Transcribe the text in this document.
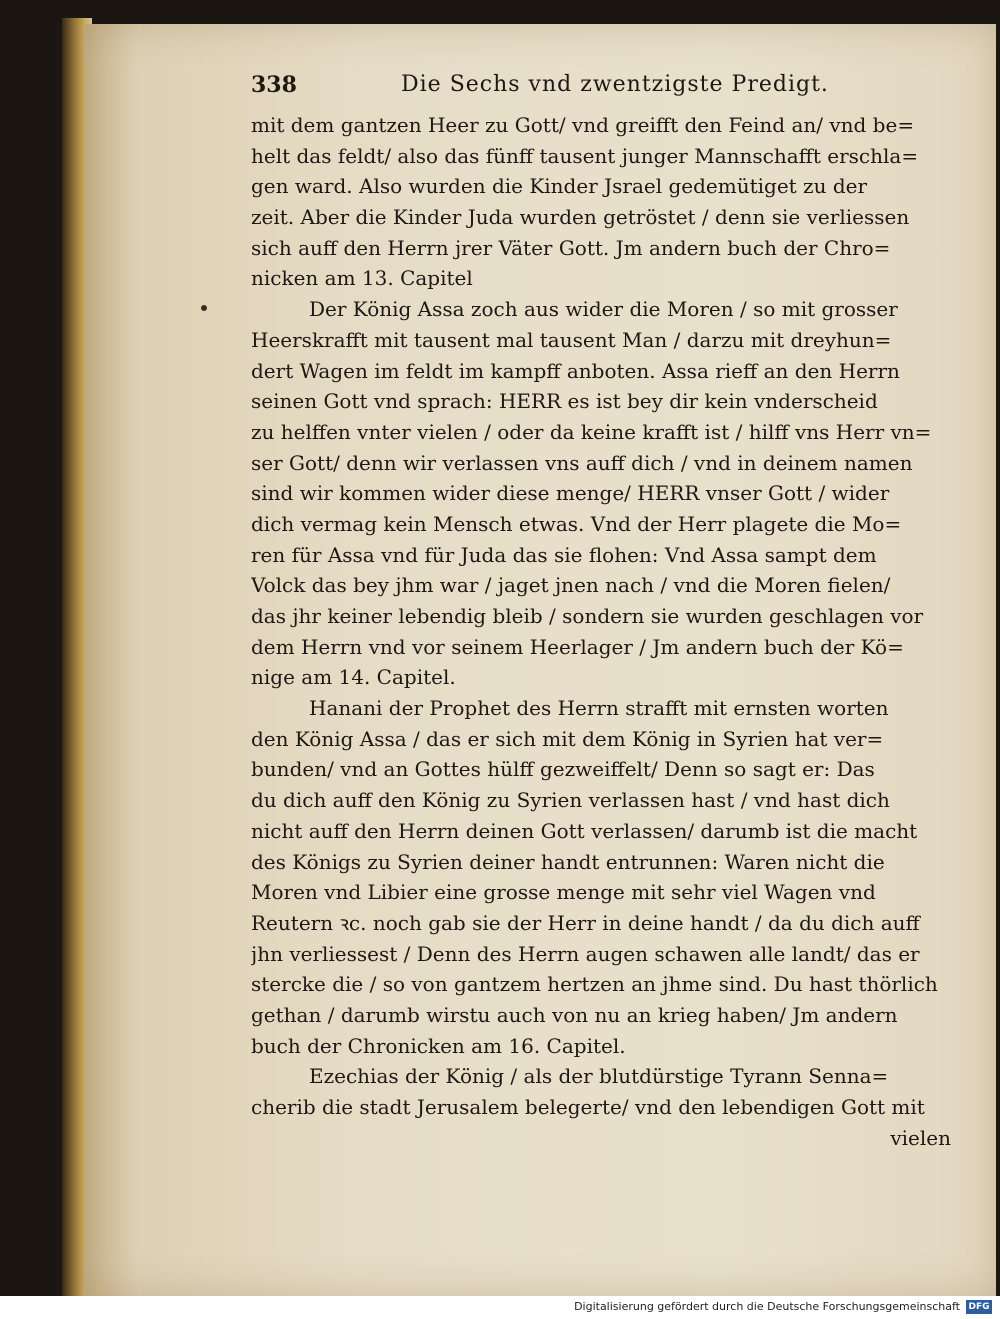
338	Die Sechs vnd zwentzigste Predigt.
mit dem gantzen Heer zu Gott/ vnd greifft den Feind an/ vnd be=
helt das feldt/ also das fünff tausent junger Mannschafft erschla=
gen ward. Also wurden die Kinder Jsrael gedemütiget zu der
zeit. Aber die Kinder Juda wurden getröstet / denn sie verliessen
sich auff den Herrn jrer Väter Gott. Jm andern buch der Chro=
nicken am 13. Capitel
Der König Assa zoch aus wider die Moren / so mit grosser
Heerskrafft mit tausent mal tausent Man / darzu mit dreyhun=
dert Wagen im feldt im kampff anboten. Assa rieff an den Herrn
seinen Gott vnd sprach: HERR es ist bey dir kein vnderscheid
zu helffen vnter vielen / oder da keine krafft ist / hilff vns Herr vn=
ser Gott/ denn wir verlassen vns auff dich / vnd in deinem namen
sind wir kommen wider diese menge/ HERR vnser Gott / wider
dich vermag kein Mensch etwas. Vnd der Herr plagete die Mo=
ren für Assa vnd für Juda das sie flohen: Vnd Assa sampt dem
Volck das bey jhm war / jaget jnen nach / vnd die Moren fielen/
das jhr keiner lebendig bleib / sondern sie wurden geschlagen vor
dem Herrn vnd vor seinem Heerlager / Jm andern buch der Kö=
nige am 14. Capitel.
Hanani der Prophet des Herrn strafft mit ernsten worten
den König Assa / das er sich mit dem König in Syrien hat ver=
bunden/ vnd an Gottes hülff gezweiffelt/ Denn so sagt er: Das
du dich auff den König zu Syrien verlassen hast / vnd hast dich
nicht auff den Herrn deinen Gott verlassen/ darumb ist die macht
des Königs zu Syrien deiner handt entrunnen: Waren nicht die
Moren vnd Libier eine grosse menge mit sehr viel Wagen vnd
Reutern ꝛc. noch gab sie der Herr in deine handt / da du dich auff
jhn verliessest / Denn des Herrn augen schawen alle landt/ das er
stercke die / so von gantzem hertzen an jhme sind. Du hast thörlich
gethan / darumb wirstu auch von nu an krieg haben/ Jm andern
buch der Chronicken am 16. Capitel.
Ezechias der König / als der blutdürstige Tyrann Senna=
cherib die stadt Jerusalem belegerte/ vnd den lebendigen Gott mit
vielen
Digitalisierung gefördert durch die Deutsche Forschungsgemeinschaft DFG
